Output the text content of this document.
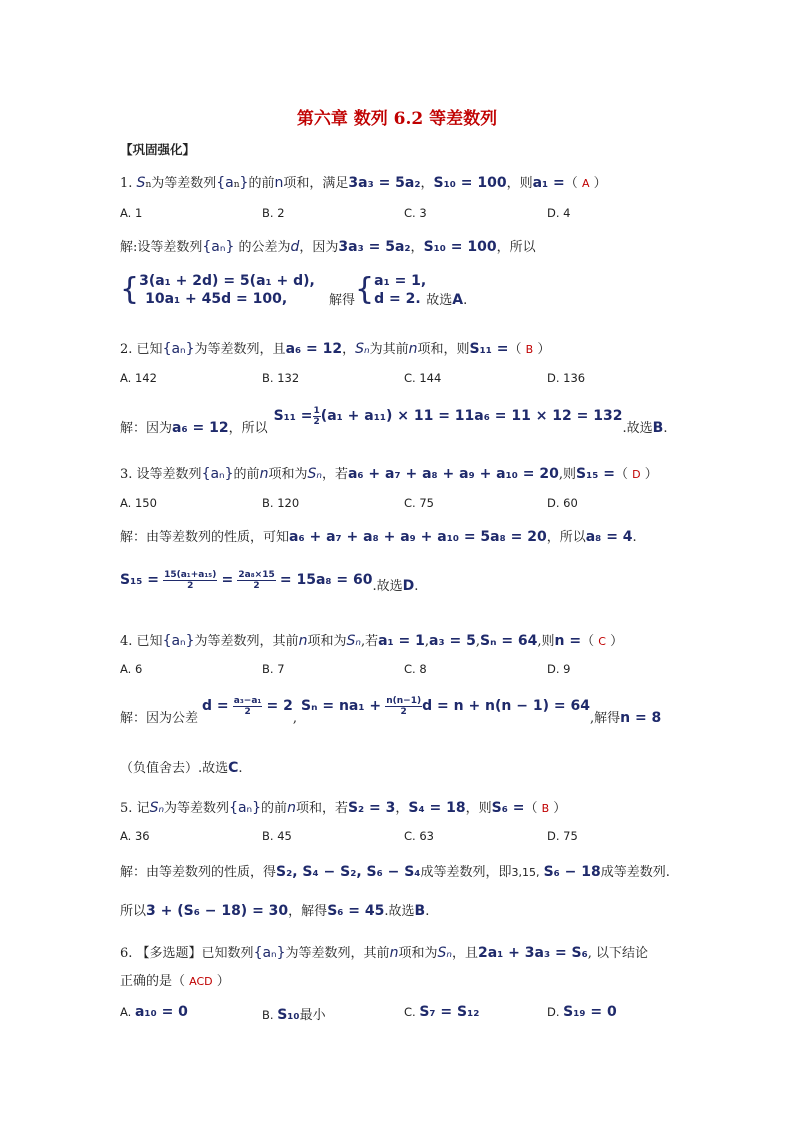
第六章 数列 6.2 等差数列
【巩固强化】
1. Sn为等差数列{an}的前n项和，满足3a₃ = 5a₂，S₁₀ = 100，则a₁ =（ A ）
A. 1	B. 2	C. 3	D. 4
解:设等差数列{aₙ} 的公差为d，因为3a₃ = 5a₂，S₁₀ = 100，所以
{ 3(a₁ + 2d) = 5(a₁ + d),
10a₁ + 45d = 100,	解得{ a₁ = 1,
d = 2. 故选A.
2. 已知{aₙ}为等差数列，且a₆ = 12，Sₙ为其前n项和，则S₁₁ =（ B ）
A. 142	B. 132	C. 144	D. 136
解：因为a₆ = 12，所以$S_{11} = \frac{1}{2} (a_1 + a_{11}) \times 11 = 11a_6 = 11 \times 12 = 132$.故选B.
3. 设等差数列{aₙ}的前n项和为Sₙ，若a₆ + a₇ + a₈ + a₉ + a₁₀ = 20,则S₁₅ =（ D ）
A. 150	B. 120	C. 75	D. 60
解：由等差数列的性质，可知a₆ + a₇ + a₈ + a₉ + a₁₀ = 5a₈ = 20，所以a₈ = 4.
$S_{15} = \frac{\text{15(a₁+a₁₅)}}{2} = \frac{\text{2a₈×15}}{2} = 15a_8 = 60$.故选D.
4. 已知{aₙ}为等差数列，其前n项和为Sₙ,若a₁ = 1,a₃ = 5,Sₙ = 64,则n =（ C ）
A. 6	B. 7	C. 8	D. 9
解：因为公差$d = \frac{\text{a₃−a₁}}{2} = 2,S_n = na_1 + \frac{n(n-1)}{2}$ d = n + n(n − 1) = 64,解得n = 8
（负值舍去）.故选C.
5. 记Sₙ为等差数列{aₙ}的前n项和，若S₂ = 3，S₄ = 18，则S₆ =（ B ）
A. 36	B. 45	C. 63	D. 75
解：由等差数列的性质，得S₂, S₄ − S₂, S₆ − S₄成等差数列，即3,15, S₆ − 18成等差数列.
所以3 + (S₆ − 18) = 30，解得S₆ = 45.故选B.
6. 【多选题】已知数列{aₙ}为等差数列，其前n项和为Sₙ，且2a₁ + 3a₃ = S₆, 以下结论
正确的是（ ACD ）
A. a₁₀ = 0	B. S₁₀最小	C. S₇ = S₁₂	D. S₁₉ = 0
